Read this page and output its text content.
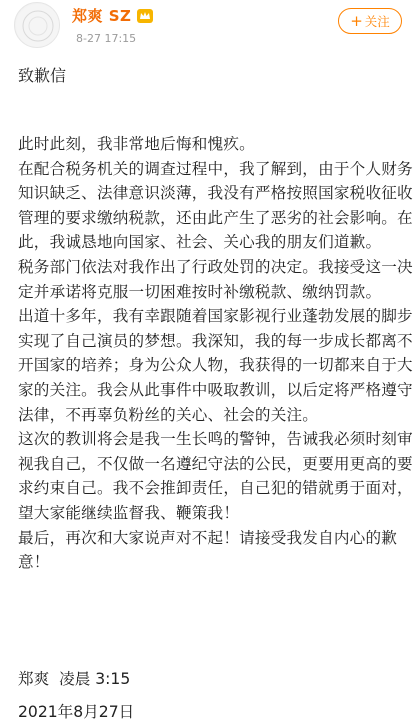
郑爽 SZ
8-27 17:15
+ 关注

致歉信

此时此刻，我非常地后悔和愧疚。

在配合税务机关的调查过程中，我了解到，由于个人财务知识缺乏、法律意识淡薄，我没有严格按照国家税收征收管理的要求缴纳税款，还由此产生了恶劣的社会影响。在此，我诚恳地向国家、社会、关心我的朋友们道歉。

税务部门依法对我作出了行政处罚的决定。我接受这一决定并承诺将克服一切困难按时补缴税款、缴纳罚款。

出道十多年，我有幸跟随着国家影视行业蓬勃发展的脚步实现了自己演员的梦想。我深知，我的每一步成长都离不开国家的培养；身为公众人物，我获得的一切都来自于大家的关注。我会从此事件中吸取教训，以后定将严格遵守法律，不再辜负粉丝的关心、社会的关注。

这次的教训将会是我一生长鸣的警钟，告诫我必须时刻审视我自己，不仅做一名遵纪守法的公民，更要用更高的要求约束自己。我不会推卸责任，自己犯的错就勇于面对，望大家能继续监督我、鞭策我！

最后，再次和大家说声对不起！请接受我发自内心的歉意！

郑爽  凌晨 3:15
2021年8月27日
